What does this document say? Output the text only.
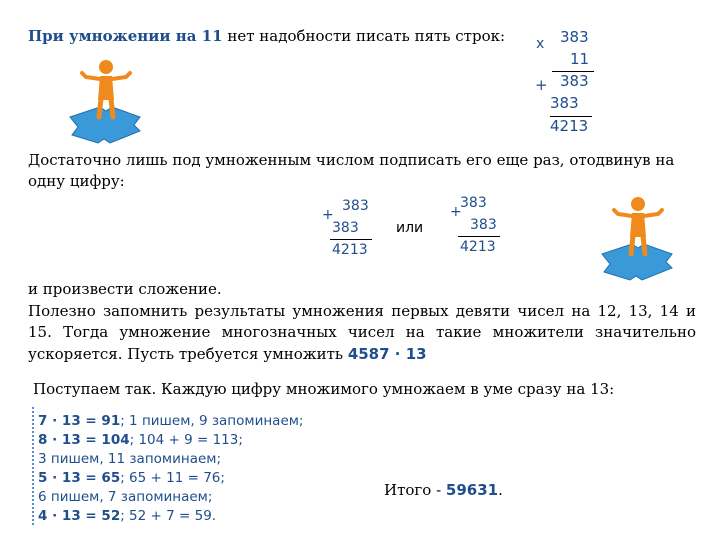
При умножении на 11 нет надобности писать пять строк: x 383
11
+ 383
383
4213
Достаточно лишь под умноженным числом подписать его еще раз, отодвинув на одну цифру:
+
383
383
4213
или
+
383
383
4213
и произвести сложение.
Полезно запомнить результаты умножения первых девяти чисел на 12, 13, 14 и 15. Тогда умножение многозначных чисел на такие множители значительно ускоряется. Пусть требуется умножить 4587 · 13
Поступаем так. Каждую цифру множимого умножаем в уме сразу на 13:
7 · 13 = 91; 1 пишем, 9 запоминаем;
8 · 13 = 104; 104 + 9 = 113;
3 пишем, 11 запоминаем;
5 · 13 = 65; 65 + 11 = 76;
6 пишем, 7 запоминаем;
4 · 13 = 52; 52 + 7 = 59.
Итого - 59631.
